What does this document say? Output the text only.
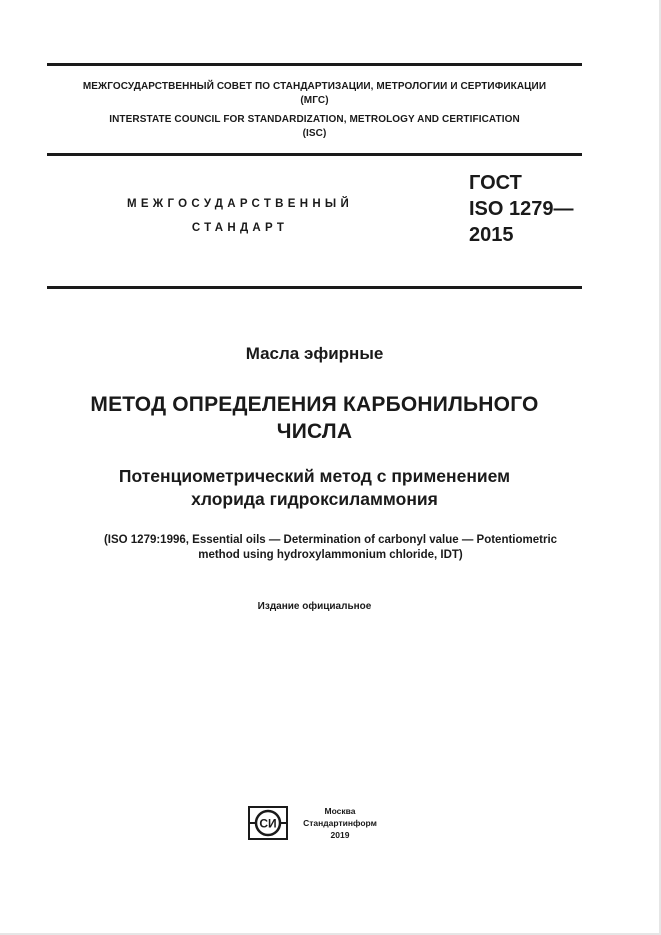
МЕЖГОСУДАРСТВЕННЫЙ СОВЕТ ПО СТАНДАРТИЗАЦИИ, МЕТРОЛОГИИ И СЕРТИФИКАЦИИ
(МГС)
INTERSTATE COUNCIL FOR STANDARDIZATION, METROLOGY AND CERTIFICATION
(ISC)
МЕЖГОСУДАРСТВЕННЫЙ
СТАНДАРТ
ГОСТ
ISO 1279—
2015
Масла эфирные
МЕТОД ОПРЕДЕЛЕНИЯ КАРБОНИЛЬНОГО
ЧИСЛА
Потенциометрический метод с применением
хлорида гидроксиламмония
(ISO 1279:1996, Essential oils — Determination of carbonyl value — Potentiometric
method using hydroxylammonium chloride, IDT)
Издание официальное
СИ
Москва
Стандартинформ
2019
